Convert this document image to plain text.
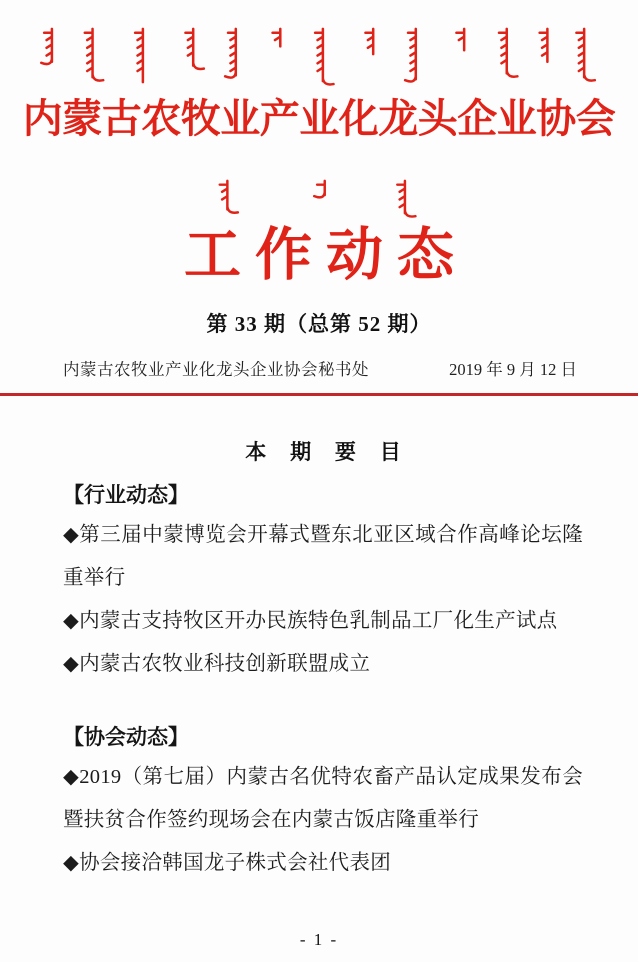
内蒙古农牧业产业化龙头企业协会
工作动态
第 33 期（总第 52 期）
内蒙古农牧业产业化龙头企业协会秘书处	2019 年 9 月 12 日
本 期 要 目
【行业动态】

◆第三届中蒙博览会开幕式暨东北亚区域合作高峰论坛隆重举行

◆内蒙古支持牧区开办民族特色乳制品工厂化生产试点

◆内蒙古农牧业科技创新联盟成立

【协会动态】

◆2019（第七届）内蒙古名优特农畜产品认定成果发布会暨扶贫合作签约现场会在内蒙古饭店隆重举行

◆协会接洽韩国龙子株式会社代表团

- 1 -
